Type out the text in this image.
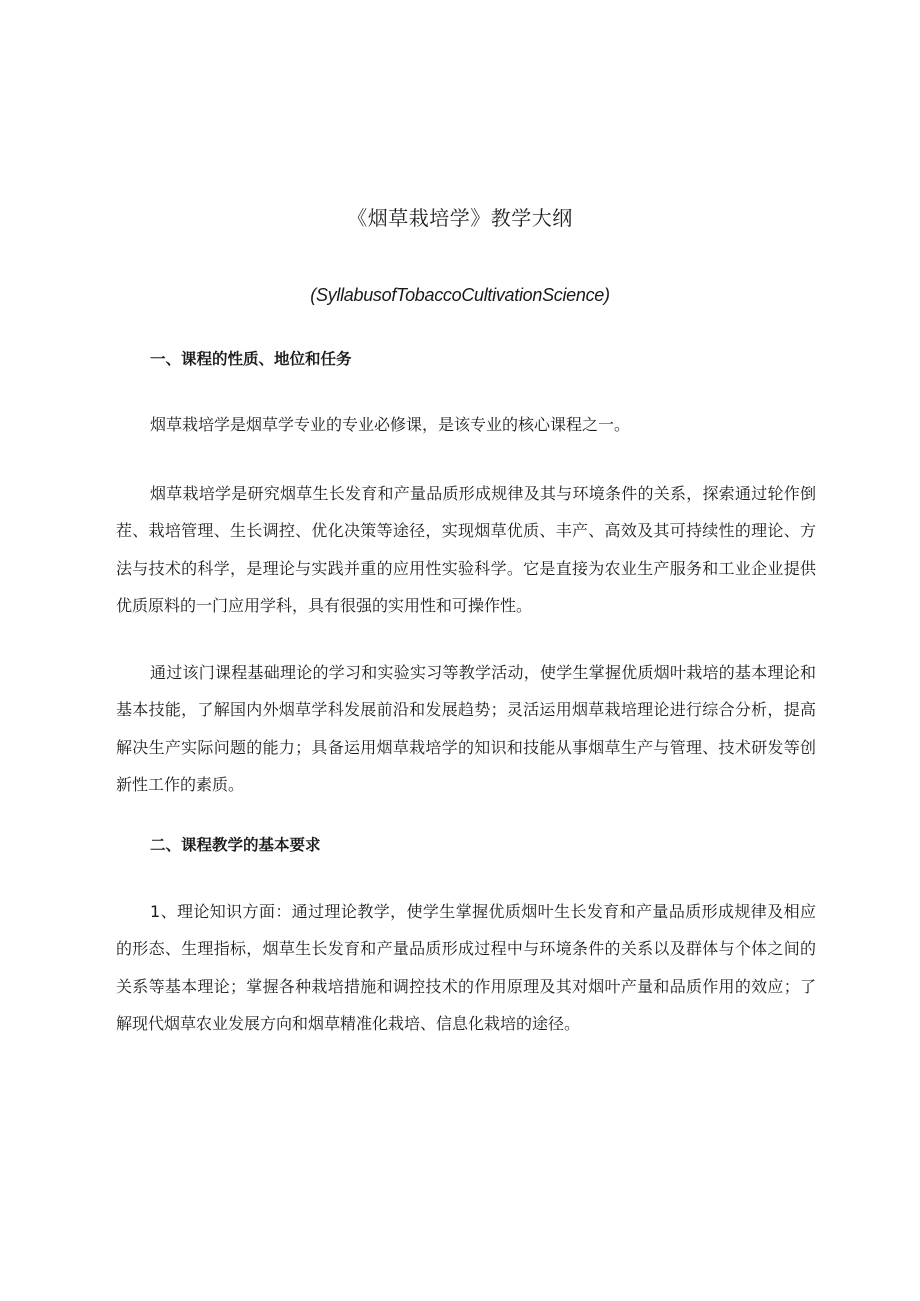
《烟草栽培学》教学大纲

(SyllabusofTobaccoCultivationScience)

一、课程的性质、地位和任务

烟草栽培学是烟草学专业的专业必修课，是该专业的核心课程之一。

烟草栽培学是研究烟草生长发育和产量品质形成规律及其与环境条件的关系，探索通过轮作倒茬、栽培管理、生长调控、优化决策等途径，实现烟草优质、丰产、高效及其可持续性的理论、方法与技术的科学，是理论与实践并重的应用性实验科学。它是直接为农业生产服务和工业企业提供优质原料的一门应用学科，具有很强的实用性和可操作性。

通过该门课程基础理论的学习和实验实习等教学活动，使学生掌握优质烟叶栽培的基本理论和基本技能，了解国内外烟草学科发展前沿和发展趋势；灵活运用烟草栽培理论进行综合分析，提高解决生产实际问题的能力；具备运用烟草栽培学的知识和技能从事烟草生产与管理、技术研发等创新性工作的素质。

二、课程教学的基本要求

1、理论知识方面：通过理论教学，使学生掌握优质烟叶生长发育和产量品质形成规律及相应的形态、生理指标，烟草生长发育和产量品质形成过程中与环境条件的关系以及群体与个体之间的关系等基本理论；掌握各种栽培措施和调控技术的作用原理及其对烟叶产量和品质作用的效应；了解现代烟草农业发展方向和烟草精准化栽培、信息化栽培的途径。
